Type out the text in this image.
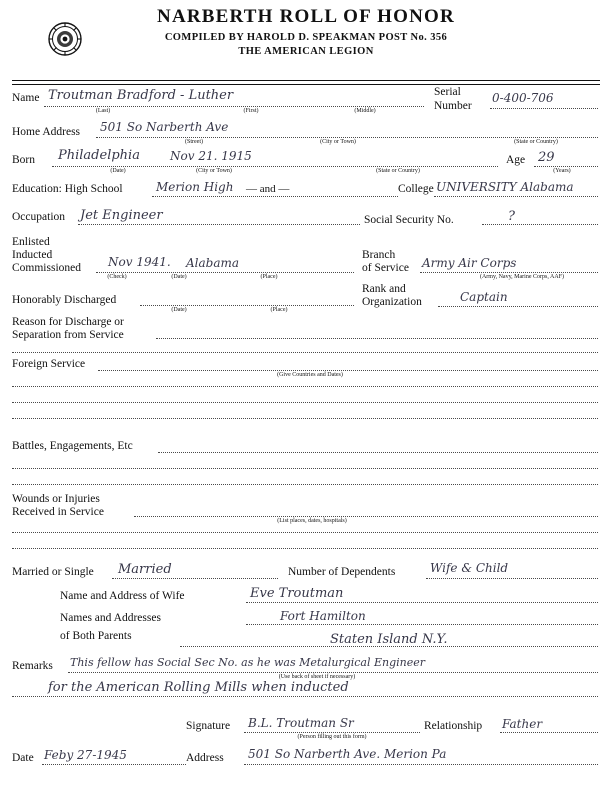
NARBERTH ROLL OF HONOR
COMPILED BY HAROLD D. SPEAKMAN POST No. 356
THE AMERICAN LEGION
Name Troutman Bradford - Luther
(Last)	(First)	(Middle)
Serial
Number
0-400-706
Home Address 501 So Narberth Ave
(Street)	(City or Town)	(State or Country)
Born Philadelphia	Nov 21. 1915
(Date)	(City or Town)	(State or Country)
Age 29
(Years)
Education: High School	Merion High — and —	College UNIVERSITY Alabama
Occupation Jet Engineer	Social Security No.	?
Enlisted
Inducted
Commissioned Nov 1941. Alabama
(Check)	(Date)	(Place)
Branch
of Service Army Air Corps
(Army, Navy, Marine Corps, AAF)
Rank and
Organization	Captain
Honorably Discharged
(Date)	(Place)
Reason for Discharge or
Separation from Service
Foreign Service
(Give Countries and Dates)
Battles, Engagements, Etc
Wounds or Injuries
Received in Service
(List places, dates, hospitals)
Married or Single Married	Number of Dependents	Wife & Child
Name and Address of Wife	Eve Troutman
Names and Addresses
of Both Parents
Fort Hamilton
Staten Island N.Y.
Remarks This fellow has Social Sec No. as he was Metalurgical Engineer
for the American Rolling Mills when inducted
(Use back of sheet if necessary)
Signature B.L. Troutman Sr
(Person filling out this form)
Relationship Father
Date Feby 27-1945	Address 501 So Narberth Ave. Merion Pa
